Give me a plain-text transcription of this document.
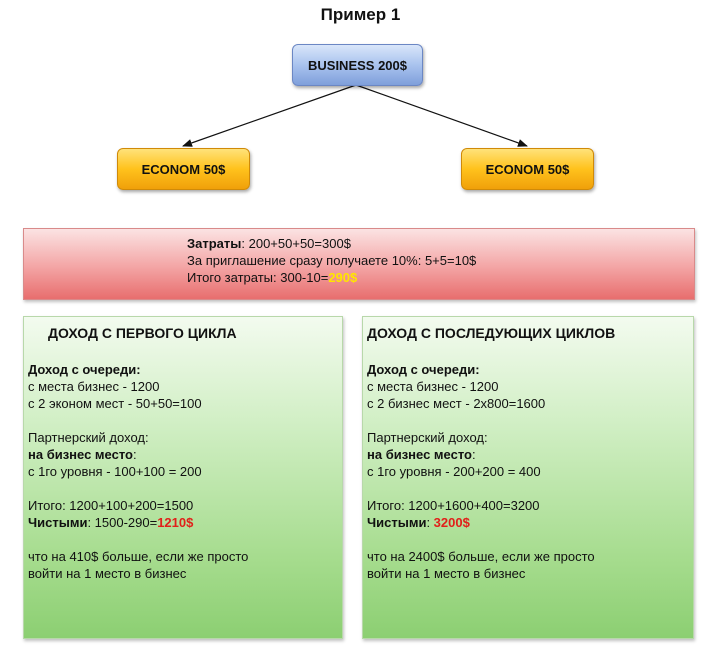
Пример 1
BUSINESS 200$
ECONOM 50$	ECONOM 50$
Затраты: 200+50+50=300$
За приглашение сразу получаете 10%: 5+5=10$
Итого затраты: 300-10=290$
ДОХОД С ПЕРВОГО ЦИКЛА
Доход с очереди:
с места бизнес - 1200
с 2 эконом мест - 50+50=100
Партнерский доход:
на бизнес место:
с 1го уровня - 100+100 = 200
Итого: 1200+100+200=1500
Чистыми: 1500-290=1210$
что на 410$ больше, если же просто
войти на 1 место в бизнес
ДОХОД С ПОСЛЕДУЮЩИХ ЦИКЛОВ
Доход с очереди:
с места бизнес - 1200
с 2 бизнес мест - 2х800=1600
Партнерский доход:
на бизнес место:
с 1го уровня - 200+200 = 400
Итого: 1200+1600+400=3200
Чистыми: 3200$
что на 2400$ больше, если же просто
войти на 1 место в бизнес
